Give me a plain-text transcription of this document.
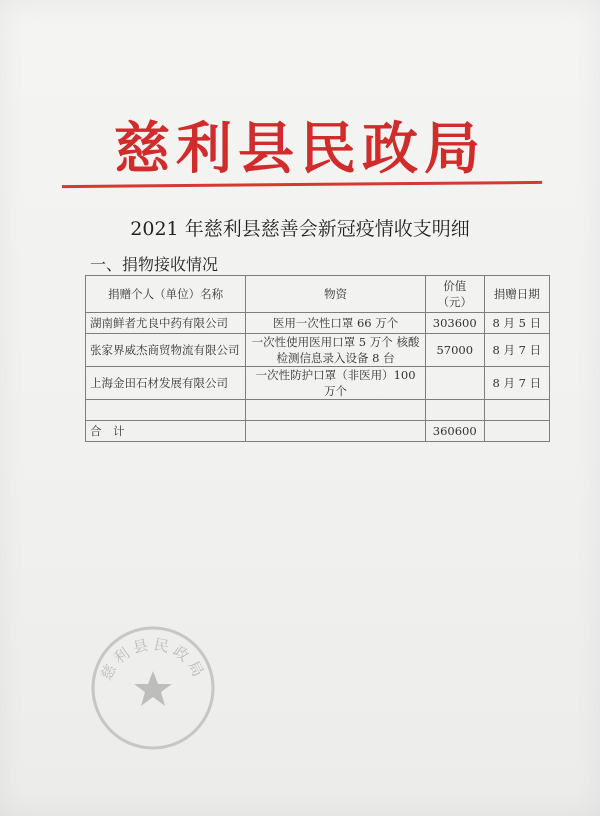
慈利县民政局
2021 年慈利县慈善会新冠疫情收支明细
一、捐物接收情况
捐赠个人（单位）名称	物资	价值（元）	捐赠日期
湖南鲜者尤良中药有限公司	医用一次性口罩 66 万个	303600	8 月 5 日
张家界威杰商贸物流有限公司	一次性使用医用口罩 5 万个 核酸检测信息录入设备 8 台	57000	8 月 7 日
上海金田石材发展有限公司	一次性防护口罩（非医用）100 万个		8 月 7 日

合　计		360600	
慈利县民政局
